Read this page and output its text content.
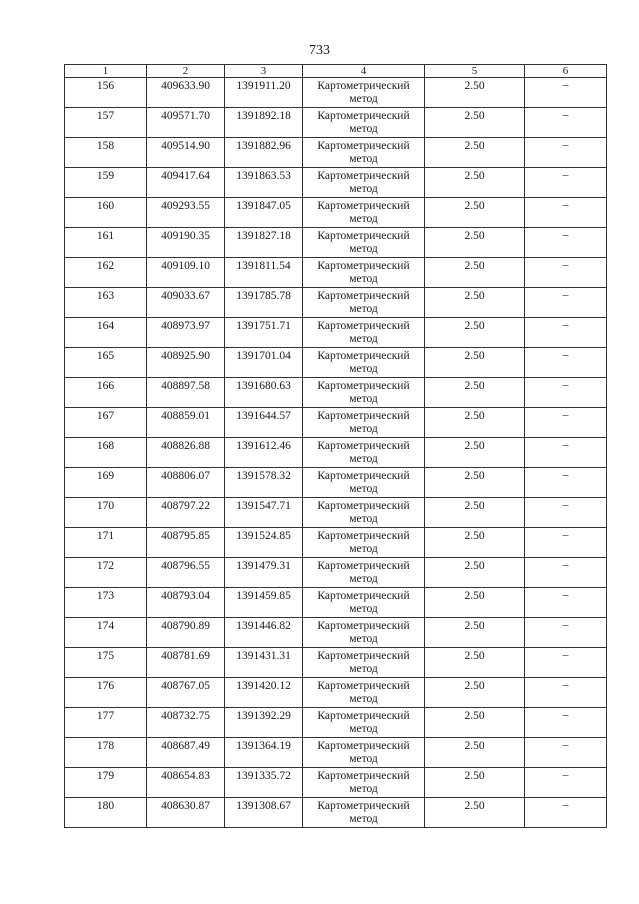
733
1	2	3	4	5	6

156	409633.90	1391911.20	Картометрический
метод	2.50	–

157	409571.70	1391892.18	Картометрический
метод	2.50	–

158	409514.90	1391882.96	Картометрический
метод	2.50	–

159	409417.64	1391863.53	Картометрический
метод	2.50	–

160	409293.55	1391847.05	Картометрический
метод	2.50	–

161	409190.35	1391827.18	Картометрический
метод	2.50	–

162	409109.10	1391811.54	Картометрический
метод	2.50	–

163	409033.67	1391785.78	Картометрический
метод	2.50	–

164	408973.97	1391751.71	Картометрический
метод	2.50	–

165	408925.90	1391701.04	Картометрический
метод	2.50	–

166	408897.58	1391680.63	Картометрический
метод	2.50	–

167	408859.01	1391644.57	Картометрический
метод	2.50	–

168	408826.88	1391612.46	Картометрический
метод	2.50	–

169	408806.07	1391578.32	Картометрический
метод	2.50	–

170	408797.22	1391547.71	Картометрический
метод	2.50	–

171	408795.85	1391524.85	Картометрический
метод	2.50	–

172	408796.55	1391479.31	Картометрический
метод	2.50	–

173	408793.04	1391459.85	Картометрический
метод	2.50	–

174	408790.89	1391446.82	Картометрический
метод	2.50	–

175	408781.69	1391431.31	Картометрический
метод	2.50	–

176	408767.05	1391420.12	Картометрический
метод	2.50	–

177	408732.75	1391392.29	Картометрический
метод	2.50	–

178	408687.49	1391364.19	Картометрический
метод	2.50	–

179	408654.83	1391335.72	Картометрический
метод	2.50	–

180	408630.87	1391308.67	Картометрический
метод	2.50	–
